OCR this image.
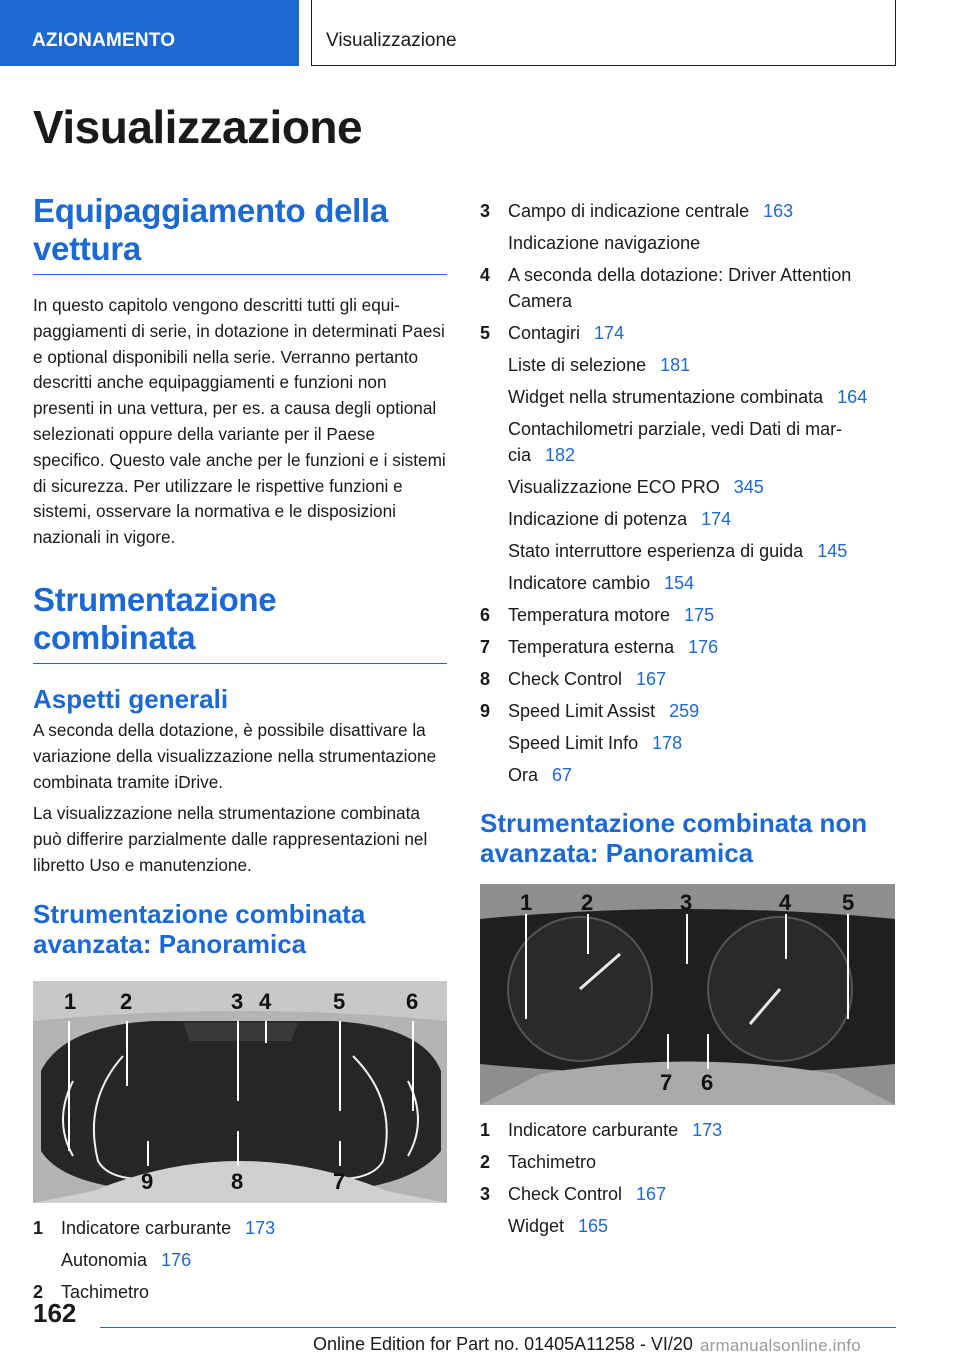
AZIONAMENTO	Visualizzazione
Visualizzazione
Equipaggiamento della vettura

In questo capitolo vengono descritti tutti gli equipaggiamenti di serie, in dotazione in determinati Paesi e optional disponibili nella serie. Verranno pertanto descritti anche equipaggiamenti e funzioni non presenti in una vettura, per es. a causa degli optional selezionati oppure della variante per il Paese specifico. Questo vale anche per le funzioni e i sistemi di sicurezza. Per utilizzare le rispettive funzioni e sistemi, osservare la normativa e le disposizioni nazionali in vigore.

Strumentazione combinata
Aspetti generali

A seconda della dotazione, è possibile disattivare la variazione della visualizzazione nella strumentazione combinata tramite iDrive.

La visualizzazione nella strumentazione combinata può differire parzialmente dalle rappresentazioni nel libretto Uso e manutenzione.

Strumentazione combinata avanzata: Panoramica
1 2	3 4	5	6
9	8	7
1 Indicatore carburante 173
Autonomia 176
2 Tachimetro
3 Campo di indicazione centrale 163
Indicazione navigazione
4 A seconda della dotazione: Driver Attention Camera
5 Contagiri 174
Liste di selezione 181
Widget nella strumentazione combinata 164
Contachilometri parziale, vedi Dati di marcia 182
Visualizzazione ECO PRO 345
Indicazione di potenza 174
Stato interruttore esperienza di guida 145
Indicatore cambio 154
6 Temperatura motore 175
7 Temperatura esterna 176
8 Check Control 167
9 Speed Limit Assist 259
Speed Limit Info 178
Ora 67
Strumentazione combinata non avanzata: Panoramica
1 2	3	4 5
7 6
1 Indicatore carburante 173
2 Tachimetro
3 Check Control 167
Widget 165
162
Online Edition for Part no. 01405A11258 - VI/20 armanualsonline.info
